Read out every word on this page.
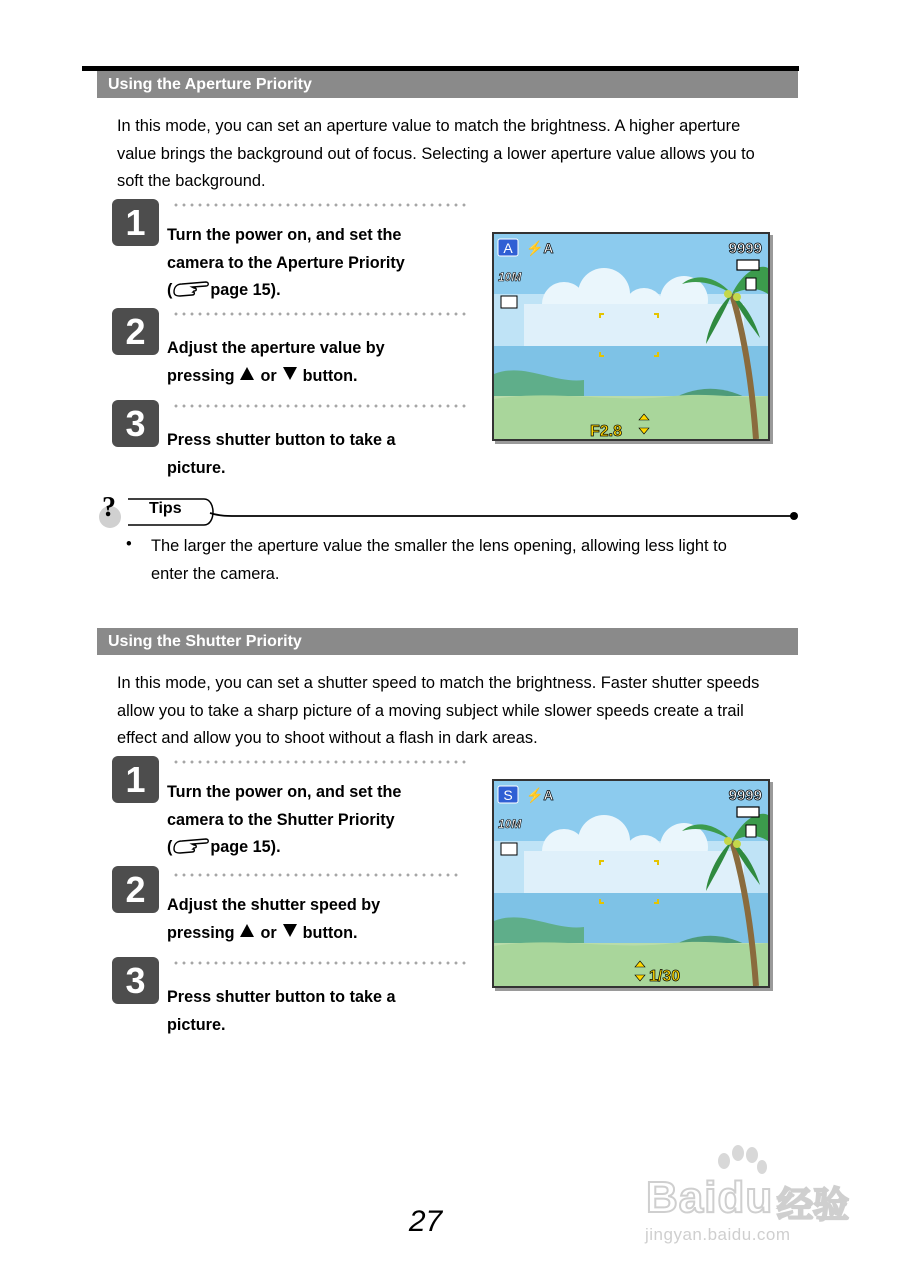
Using the Aperture Priority

In this mode, you can set an aperture value to match the brightness. A higher aperture
value brings the background out of focus. Selecting a lower aperture value allows you to
soft the background.

1	Turn the power on, and set the
camera to the Aperture Priority
( page 15).

2	Adjust the aperture value by
pressing or button.

3	Press shutter button to take a
picture.

A ⚡A	9999
10M
F2.8
? Tips
• The larger the aperture value the smaller the lens opening, allowing less light to
enter the camera.

Using the Shutter Priority

In this mode, you can set a shutter speed to match the brightness. Faster shutter speeds
allow you to take a sharp picture of a moving subject while slower speeds create a trail
effect and allow you to shoot without a flash in dark areas.

1	Turn the power on, and set the
camera to the Shutter Priority
( page 15).

2	Adjust the shutter speed by
pressing or button.

3	Press shutter button to take a
picture.

S ⚡A	9999
10M
1/30
27	Baidu 经验
jingyan.baidu.com
